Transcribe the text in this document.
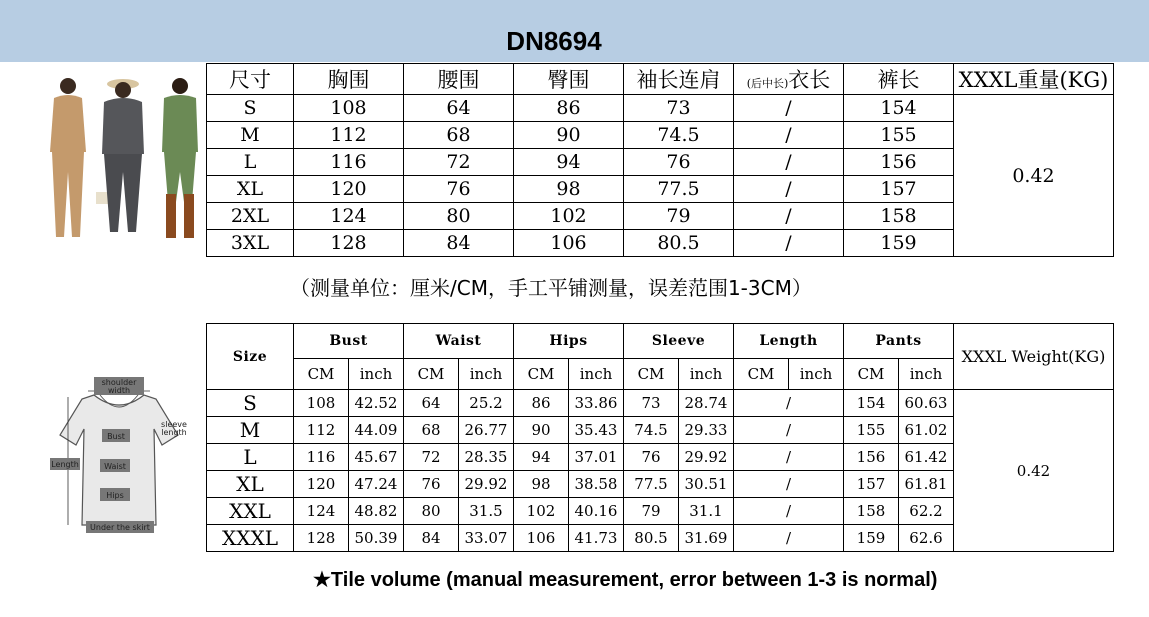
DN8694
尺寸	胸围	腰围	臀围	袖长连肩	(后中长)衣长	裤长	XXXL重量(KG)
S	108	64	86	73	/	154	0.42
M	112	68	90	74.5	/	155	
L	116	72	94	76	/	156	
XL	120	76	98	77.5	/	157	
2XL	124	80	102	79	/	158	
3XL	128	84	106	80.5	/	159	
（测量单位：厘米/CM，手工平铺测量，误差范围1-3CM）
shoulder
width
Bust
sleeve
length
Length	Waist
Hips
Under the skirt
Size	Bust		Waist		Hips		Sleeve		Length		Pants		XXXL Weight(KG)
	CM	inch	CM	inch	CM	inch	CM	inch	CM	inch	CM	inch	
S	108	42.52	64	25.2	86	33.86	73	28.74	/		154	60.63	0.42
M	112	44.09	68	26.77	90	35.43	74.5	29.33	/		155	61.02	
L	116	45.67	72	28.35	94	37.01	76	29.92	/		156	61.42	
XL	120	47.24	76	29.92	98	38.58	77.5	30.51	/		157	61.81	
XXL	124	48.82	80	31.5	102	40.16	79	31.1	/		158	62.2	
XXXL	128	50.39	84	33.07	106	41.73	80.5	31.69	/		159	62.6	
★Tile volume (manual measurement, error between 1-3 is normal)
